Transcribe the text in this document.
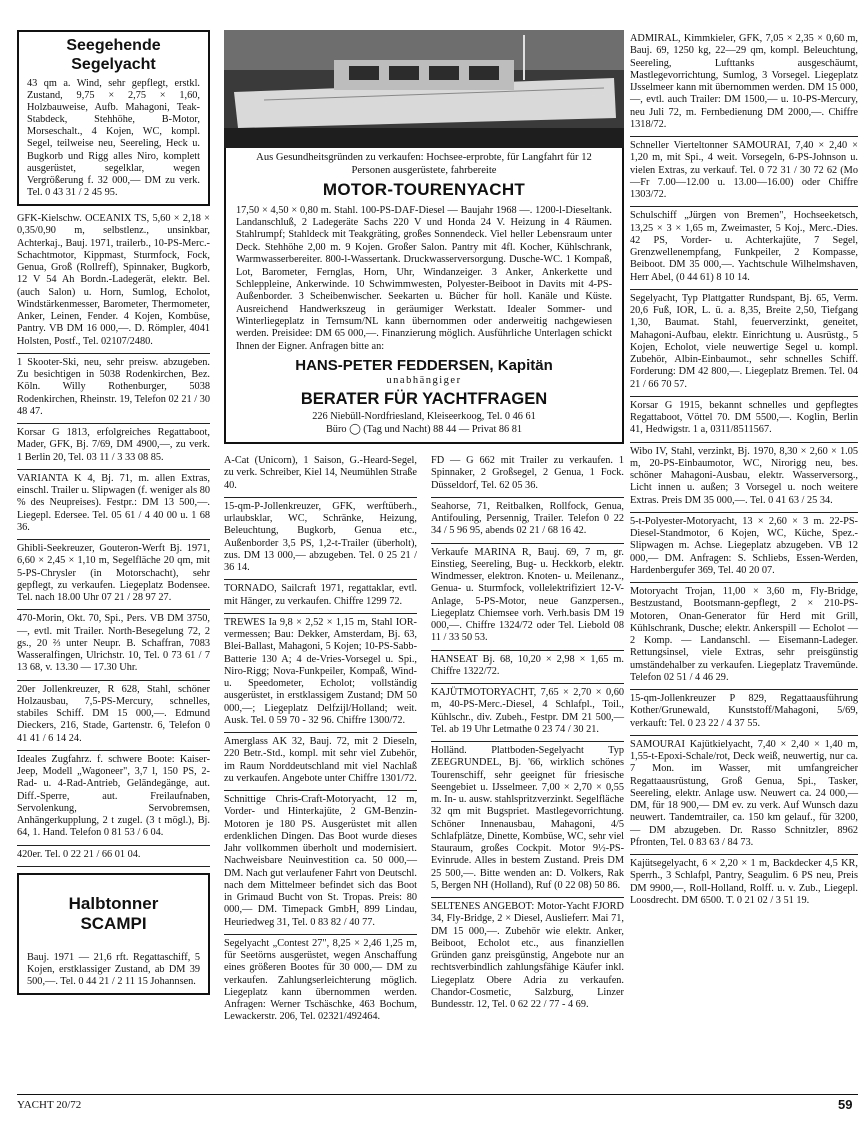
Seegehende Segelyacht
43 qm a. Wind, sehr gepflegt, erstkl. Zustand, 9,75 × 2,75 × 1,60, Holzbauweise, Aufb. Mahagoni, Teak-Stabdeck, Stehhöhe, B-Motor, Morseschalt., 4 Kojen, WC, kompl. Segel, teilweise neu, Seereling, Heck u. Bugkorb und Rigg alles Niro, komplett ausgerüstet, segelklar, wegen Vergrößerung f. 32 000,— DM zu verk. Tel. 0 43 31 / 2 45 95.
GFK-Kielschw. OCEANIX TS, 5,60 × 2,18 × 0,35/0,90 m, selbstlenz., unsinkbar, Achterkaj., Bauj. 1971, trailerb., 10-PS-Merc.-Schachtmotor, Kippmast, Sturmfock, Fock, Genua, Groß (Rollreff), Spinnaker, Bugkorb, 12 V 54 Ah Bordn.-Ladegerät, elektr. Bel. (auch Salon) u. Horn, Sumlog, Echolot, Windstärkenmesser, Barometer, Thermometer, Anker, Leinen, Fender. 4 Kojen, Kombüse, Pantry. VB DM 16 000,—. D. Römpler, 4041 Holsten, Postf., Tel. 02107/2480.
1 Skooter-Ski, neu, sehr preisw. abzugeben. Zu besichtigen in 5038 Rodenkirchen, Bez. Köln. Willy Rothenburger, 5038 Rodenkirchen, Rheinstr. 19, Telefon 02 21 / 30 48 47.
Korsar G 1813, erfolgreiches Regattaboot, Mader, GFK, Bj. 7/69, DM 4900,—, zu verk. 1 Berlin 20, Tel. 03 11 / 3 33 08 85.
VARIANTA K 4, Bj. 71, m. allen Extras, einschl. Trailer u. Slipwagen (f. weniger als 80 % des Neupreises). Festpr.: DM 13 500,—. Liegepl. Edersee. Tel. 05 61 / 4 40 00 u. 1 68 36.
Ghibli-Seekreuzer, Gouteron-Werft Bj. 1971, 6,60 × 2,45 × 1,10 m, Segelfläche 20 qm, mit 5-PS-Chrysler (in Motorschacht), sehr gepflegt, zu verkaufen. Liegeplatz Bodensee. Tel. nach 18.00 Uhr 07 21 / 28 97 27.
470-Morin, Okt. 70, Spi., Pers. VB DM 3750,—, evtl. mit Trailer. North-Besegelung 72, 2 gs., 20 ⅔ unter Neupr. B. Schaffran, 7083 Wasseralfingen, Ulrichstr. 10, Tel. 0 73 61 / 7 13 68, v. 13.30 — 17.30 Uhr.
20er Jollenkreuzer, R 628, Stahl, schöner Holzausbau, 7,5-PS-Mercury, schnelles, stabiles Schiff. DM 15 000,—. Edmund Dieckers, 216, Stade, Gartenstr. 6, Telefon 0 41 41 / 6 14 24.
Ideales Zugfahrz. f. schwere Boote: Kaiser-Jeep, Modell „Wagoneer", 3,7 l, 150 PS, 2-Rad- u. 4-Rad-Antrieb, Geländegänge, aut. Diff.-Sperre, aut. Freilaufnaben, Servolenkung, Servobremsen, Anhängerkupplung, 2 t zugel. (3 t mögl.), Bj. 64, 1. Hand. Telefon 0 81 53 / 6 04.
420er. Tel. 0 22 21 / 66 01 04.
Halbtonner
SCAMPI
Bauj. 1971 — 21,6 rft. Regattaschiff, 5 Kojen, erstklassiger Zustand, ab DM 39 500,—. Tel. 0 44 21 / 2 11 15 Johannsen.
Aus Gesundheitsgründen zu verkaufen: Hochsee-erprobte, für Langfahrt für 12 Personen ausgerüstete, fahrbereite
MOTOR-TOURENYACHT
17,50 × 4,50 × 0,80 m. Stahl. 100-PS-DAF-Diesel — Baujahr 1968 —. 1200-l-Dieseltank. Landanschluß, 2 Ladegeräte Sachs 220 V und Honda 24 V. Heizung in 4 Räumen. Stahlrumpf; Stahldeck mit Teakgräting, großes Sonnendeck. Viel heller Lebensraum unter Deck. Stehhöhe 2,00 m. 9 Kojen. Großer Salon. Pantry mit 4fl. Kocher, Kühlschrank, Warmwasserbereiter. 800-l-Wassertank. Druckwasserversorgung. Dusche-WC. 1 Kompaß, Lot, Barometer, Fernglas, Horn, Uhr, Windanzeiger. 3 Anker, Ankerkette und Schleppleine, Ankerwinde. 10 Schwimmwesten, Polyester-Beiboot in Davits mit 4-PS-Außenborder. 3 Scheibenwischer. Seekarten u. Bücher für holl. Kanäle und Küste. Ausreichend Handwerkszeug in geräumiger Werkstatt. Idealer Sommer- und Winterliegeplatz in Ternsum/NL kann übernommen oder anderweitig nachgewiesen werden. Preisidee: DM 65 000,—. Finanzierung möglich. Ausführliche Unterlagen schickt Ihnen der Eigner. Anfragen bitte an:
HANS-PETER FEDDERSEN, Kapitän
unabhängiger
BERATER FÜR YACHTFRAGEN
226 Niebüll-Nordfriesland, Kleiseerkoog, Tel. 0 46 61
Büro ◯ (Tag und Nacht) 88 44 — Privat 86 81
A-Cat (Unicorn), 1 Saison, G.-Heard-Segel, zu verk. Schreiber, Kiel 14, Neumühlen Straße 40.
15-qm-P-Jollenkreuzer, GFK, werftüberh., urlaubsklar, WC, Schränke, Heizung, Beleuchtung, Bugkorb, Genua etc., Außenborder 3,5 PS, 1,2-t-Trailer (überholt), zus. DM 13 000,— abzugeben. Tel. 0 25 21 / 36 14.
TORNADO, Sailcraft 1971, regattaklar, evtl. mit Hänger, zu verkaufen. Chiffre 1299 72.
TREWES Ia 9,8 × 2,52 × 1,15 m, Stahl IOR-vermessen; Bau: Dekker, Amsterdam, Bj. 63, Blei-Ballast, Mahagoni, 5 Kojen; 10-PS-Sabb-Batterie 130 A; 4 de-Vries-Vorsegel u. Spi., Niro-Rigg; Nova-Funkpeiler, Kompaß, Wind- u. Speedometer, Echolot; vollständig ausgerüstet, in erstklassigem Zustand; DM 50 000,—; Liegeplatz Delfzijl/Holland; weit. Ausk. Tel. 0 59 70 - 32 96. Chiffre 1300/72.
Amerglass AK 32, Bauj. 72, mit 2 Dieseln, 220 Betr.-Std., kompl. mit sehr viel Zubehör, im Raum Norddeutschland mit viel Nachlaß zu verkaufen. Angebote unter Chiffre 1301/72.
Schnittige Chris-Craft-Motoryacht, 12 m, Vorder- und Hinterkajüte, 2 GM-Benzin-Motoren je 180 PS. Ausgerüstet mit allen erdenklichen Dingen. Das Boot wurde dieses Jahr vollkommen überholt und modernisiert. Nachweisbare Neuinvestition ca. 50 000,— DM. Nach gut verlaufener Fahrt von Deutschl. nach dem Mittelmeer befindet sich das Boot in Grimaud Bucht von St. Tropas. Preis: 80 000,— DM. Timepack GmbH, 899 Lindau, Heuriedweg 31, Tel. 0 83 82 / 40 77.
Segelyacht „Contest 27", 8,25 × 2,46 1,25 m, für Seetörns ausgerüstet, wegen Anschaffung eines größeren Bootes für 30 000,— DM zu verkaufen. Zahlungserleichterung möglich. Liegeplatz kann übernommen werden. Anfragen: Werner Tschäschke, 463 Bochum, Lewackerstr. 206, Tel. 02321/492464.
FD — G 662 mit Trailer zu verkaufen. 1 Spinnaker, 2 Großsegel, 2 Genua, 1 Fock. Düsseldorf, Tel. 62 05 36.
Seahorse, 71, Reitbalken, Rollfock, Genua, Antifouling, Persennig, Trailer. Telefon 0 22 34 / 5 96 95, abends 02 21 / 68 16 42.
Verkaufe MARINA R, Bauj. 69, 7 m, gr. Einstieg, Seereling, Bug- u. Heckkorb, elektr. Windmesser, elektron. Knoten- u. Meilenanz., Genua- u. Sturmfock, vollelektrifiziert 12-V-Anlage, 5-PS-Motor, neue Ganzpersen., Liegeplatz Chiemsee vorh. Verh.basis DM 19 000,—. Chiffre 1324/72 oder Tel. Liebold 08 11 / 33 50 53.
HANSEAT Bj. 68, 10,20 × 2,98 × 1,65 m. Chiffre 1322/72.
KAJÜTMOTORYACHT, 7,65 × 2,70 × 0,60 m, 40-PS-Merc.-Diesel, 4 Schlafpl., Toil., Kühlschr., div. Zubeh., Festpr. DM 21 500,— Tel. ab 19 Uhr Letmathe 0 23 74 / 30 21.
Holländ. Plattboden-Segelyacht Typ ZEEGRUNDEL, Bj. '66, wirklich schönes Tourenschiff, sehr geeignet für friesische Seengebiet u. IJsselmeer. 7,00 × 2,70 × 0,55 m. In- u. ausw. stahlspritzverzinkt. Segelfläche 32 qm mit Bugspriet. Mastlegevorrichtung. Schöner Innenausbau, Mahagoni, 4/5 Schlafplätze, Dinette, Kombüse, WC, sehr viel Stauraum, großes Cockpit. Motor 9½-PS-Evinrude. Alles in bestem Zustand. Preis DM 25 500,—. Bitte wenden an: D. Volkers, Rak 5, Bergen NH (Holland), Ruf (0 22 08) 50 86.
SELTENES ANGEBOT: Motor-Yacht FJORD 34, Fly-Bridge, 2 × Diesel, Auslieferг. Mai 71, DM 15 000,—. Zubehör wie elektr. Anker, Beiboot, Echolot etc., aus finanziellen Gründen ganz preisgünstig, Angebote nur an rechtsverbindlich zahlungsfähige Käufer inkl. Liegeplatz Obere Adria zu verkaufen. Chandor-Cosmetic, Salzburg, Linzer Bundesstr. 12, Tel. 0 62 22 / 77 - 4 69.
ADMIRAL, Kimmkieler, GFK, 7,05 × 2,35 × 0,60 m, Bauj. 69, 1250 kg, 22—29 qm, kompl. Beleuchtung, Seereling, Lufttanks ausgeschäumt, Mastlegevorrichtung, Sumlog, 3 Vorsegel. Liegeplatz IJsselmeer kann mit übernommen werden. DM 15 000,—, evtl. auch Trailer: DM 1500,— u. 10-PS-Mercury, neu Juli 72, m. Fernbedienung DM 2000,—. Chiffre 1318/72.
Schneller Vierteltonner SAMOURAI, 7,40 × 2,40 × 1,20 m, mit Spi., 4 weit. Vorsegeln, 6-PS-Johnson u. vielen Extras, zu verkauf. Tel. 0 72 31 / 30 72 62 (Mo—Fr 7.00—12.00 u. 13.00—16.00) oder Chiffre 1303/72.
Schulschiff „Jürgen von Bremen", Hochseeketsch, 13,25 × 3 × 1,65 m, Zweimaster, 5 Koj., Merc.-Dies. 42 PS, Vorder- u. Achterkajüte, 7 Segel, Grenzwellenempfang, Funkpeiler, 2 Kompasse, Beiboot. DM 35 000,—. Yachtschule Wilhelmshaven, Herr Abel, (0 44 61) 8 10 14.
Segelyacht, Typ Plattgatter Rundspant, Bj. 65, Verm. 20,6 Fuß, IOR, L. ü. a. 8,35, Breite 2,50, Tiefgang 1,30, Baumat. Stahl, feuerverzinkt, geneitet, Mahagoni-Aufbau, elektr. Einrichtung u. Ausrüstg., 5 Kojen, Echolot, viele neuwertige Segel u. kompl. Zubehör, Albin-Einbaumot., sehr schnelles Schiff. Forderung: DM 42 800,—. Liegeplatz Bremen. Tel. 04 21 / 66 70 57.
Korsar G 1915, bekannt schnelles und gepflegtes Regattaboot, Vöttel 70. DM 5500,—. Koglin, Berlin 41, Hedwigstr. 1 a, 0311/8511567.
Wibo IV, Stahl, verzinkt, Bj. 1970, 8,30 × 2,60 × 1.05 m, 20-PS-Einbaumotor, WC, Nirorigg neu, bes. schöner Mahagoni-Ausbau, elektr. Wasserversorg., Licht innen u. außen; 3 Vorsegel u. noch weitere Extras. Preis DM 35 000,—. Tel. 0 41 63 / 25 34.
5-t-Polyester-Motoryacht, 13 × 2,60 × 3 m. 22-PS-Diesel-Standmotor, 6 Kojen, WC, Küche, Spez.-Slipwagen m. Achse. Liegeplatz abzugeben. VB 12 000,— DM. Anfragen: S. Schliebs, Essen-Werden, Hardenbergufer 369, Tel. 40 20 07.
Motoryacht Trojan, 11,00 × 3,60 m, Fly-Bridge, Bestzustand, Bootsmann-gepflegt, 2 × 210-PS-Motoren, Onan-Generator für Herd mit Grill, Kühlschrank, Dusche; elektr. Ankerspill — Echolot — 2 Komp. — Landanschl. — Eisemann-Ladeger. Rettungsinsel, viele Extras, sehr preisgünstig umständehalber zu verkaufen. Liegeplatz Travemünde. Telefon 02 51 / 4 46 29.
15-qm-Jollenkreuzer P 829, Regattaausführung Kother/Grunewald, Kunststoff/Mahagoni, 5/69, verkauft: Tel. 0 23 22 / 4 37 55.
SAMOURAI Kajütkielyacht, 7,40 × 2,40 × 1,40 m, 1,55-t-Epoxi-Schale/rot, Deck weiß, neuwertig, nur ca. 7 Mon. im Wasser, mit umfangreicher Regattaausrüstung, Groß Genua, Spi., Tasker, Seereling, elektr. Anlage usw. Neuwert ca. 24 000,— DM, für 18 900,— DM ev. zu verk. Auf Wunsch dazu neuwert. Tandemtrailer, ca. 150 km gelauf., für 3200,— DM abzugeben. Dr. Rasso Schnitzler, 8962 Pfronten, Tel. 0 83 63 / 84 73.
Kajütsegelyacht, 6 × 2,20 × 1 m, Backdecker 4,5 KR, Sperrh., 3 Schlafpl, Pantry, Seagulim. 6 PS neu, Preis DM 9900,—, Roll-Holland, Rolff. u. v. Zub., Liegepl. Loosdrecht. DM 6500. T. 0 21 02 / 3 51 19.
YACHT 20/72	59
